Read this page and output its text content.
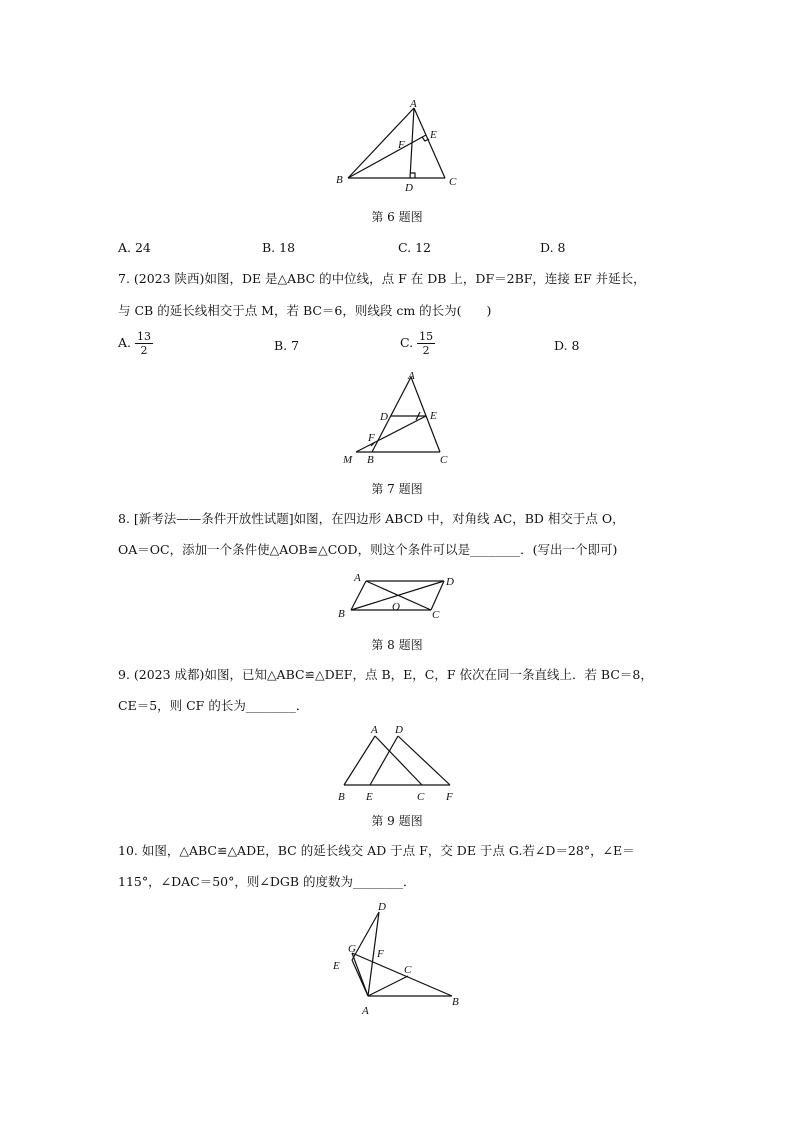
A
B	C
D
E
F
第 6 题图
A. 24	B. 18	C. 12	D. 8
7. (2023 陕西)如图，DE 是△ABC 的中位线，点 F 在 DB 上，DF＝2BF，连接 EF 并延长，
与 CB 的延长线相交于点 M，若 BC＝6，则线段 cm 的长为(　　)
A. $\frac{13}{2}$	B. 7	C. $\frac{15}{2}$	D. 8
A
B	C
D	E
F
M
第 7 题图
8. [新考法——条件开放性试题]如图，在四边形 ABCD 中，对角线 AC，BD 相交于点 O，
OA＝OC，添加一个条件使△AOB≌△COD，则这个条件可以是________．(写出一个即可)
A
B	C
D
O
第 8 题图
9. (2023 成都)如图，已知△ABC≌△DEF，点 B，E，C，F 依次在同一条直线上．若 BC＝8，
CE＝5，则 CF 的长为________．
A
B	C
D
E	F
第 9 题图
10. 如图，△ABC≌△ADE，BC 的延长线交 AD 于点 F，交 DE 于点 G.若∠D＝28°，∠E＝
115°，∠DAC＝50°，则∠DGB 的度数为________．
D
G F
E	C
B
A
